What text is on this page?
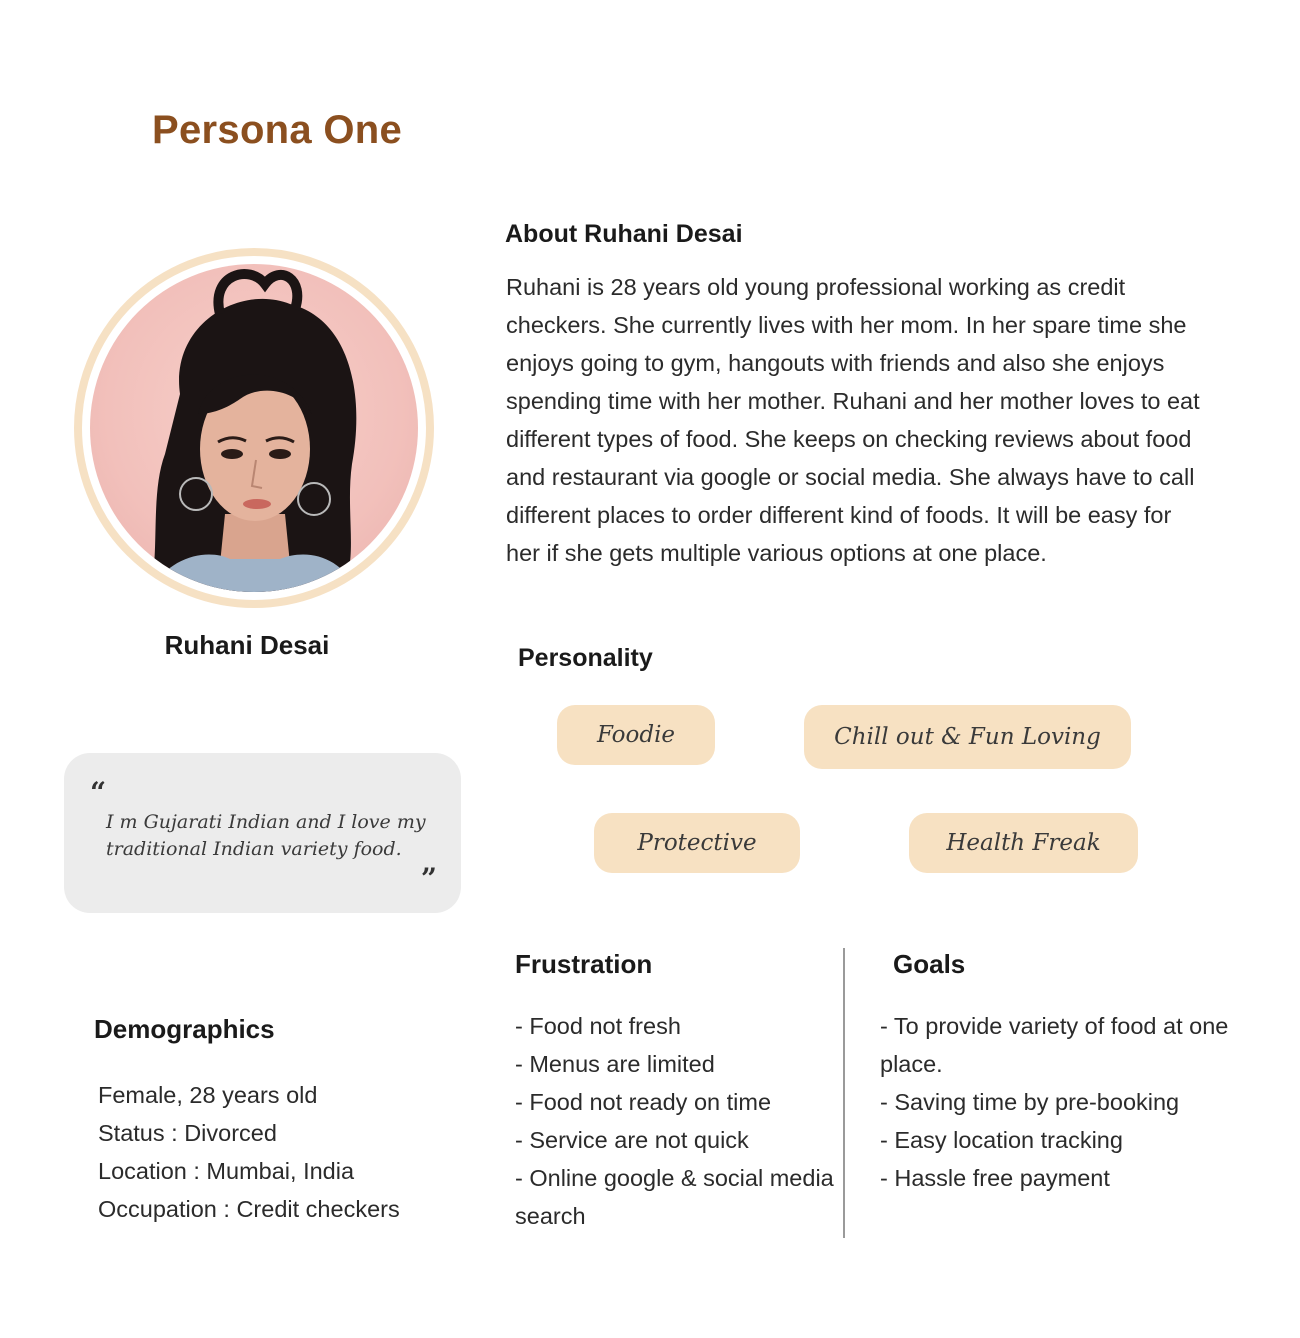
Persona One
Ruhani Desai
“

I m Gujarati Indian and I love my traditional Indian variety food.

”
Demographics
Female, 28 years old
Status : Divorced
Location : Mumbai, India
Occupation : Credit checkers
About Ruhani Desai

Ruhani is 28 years old young professional working as credit checkers. She currently lives with her mom. In her spare time she enjoys going to gym, hangouts with friends and also she enjoys spending time with her mother. Ruhani and her mother loves to eat different types of food. She keeps on checking reviews about food and restaurant via google or social media. She always have to call different places to order different kind of foods. It will be easy for her if she gets multiple various options at one place.

Personality
Foodie	Chill out & Fun Loving
Protective	Health Freak
Frustration
- Food not fresh
- Menus are limited
- Food not ready on time
- Service are not quick
- Online google & social media search
Goals
- To provide variety of food at one place.
- Saving time by pre-booking
- Easy location tracking
- Hassle free payment
